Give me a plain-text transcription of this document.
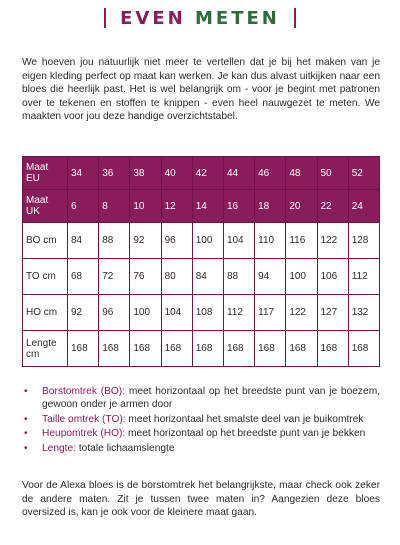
EVEN METEN

We hoeven jou natuurlijk niet meer te vertellen dat je bij het maken van je eigen kleding perfect op maat kan werken. Je kan dus alvast uitkijken naar een bloes die heerlijk past. Het is wel belangrijk om - voor je begint met patronen over te tekenen en stoffen te knippen - even heel nauwgezet te meten. We maakten voor jou deze handige overzichtstabel.

Maat EU	34	36	38	40	42	44	46	48	50	52
Maat UK	6	8	10	12	14	16	18	20	22	24
BO cm	84	88	92	96	100	104	110	116	122	128
TO cm	68	72	76	80	84	88	94	100	106	112
HO cm	92	96	100	104	108	112	117	122	127	132
Lengte cm	168	168	168	168	168	168	168	168	168	168
• Borstomtrek (BO): meet horizontaal op het breedste punt van je boezem, gewoon onder je armen door
• Taille omtrek (TO): meet horizontaal het smalste deel van je buikomtrek
• Heupomtrek (HO): meet horizontaal op het breedste punt van je bekken
• Lengte: totale lichaamslengte

Voor de Alexa bloes is de borstomtrek het belangrijkste, maar check ook zeker de andere maten. Zit je tussen twee maten in? Aangezien deze bloes oversized is, kan je ook voor de kleinere maat gaan.
